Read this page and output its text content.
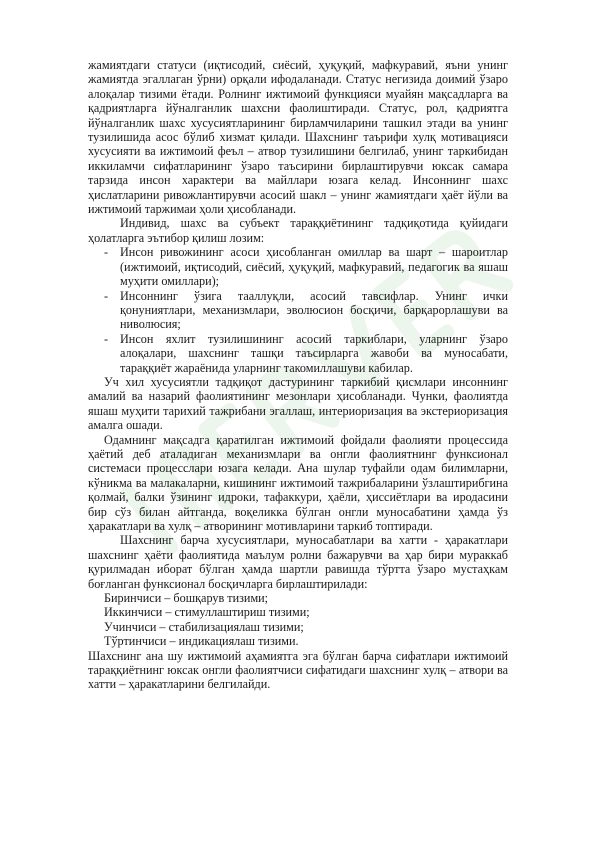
жамиятдаги статуси (иқтисодий, сиёсий, ҳуқуқий, мафкуравий, яъни унинг жамиятда эгаллаган ўрни) орқали ифодаланади. Статус негизида доимий ўзаро алоқалар тизими ётади. Ролнинг ижтимоий функцияси муайян мақсадларга ва қадриятларга йўналганлик шахсни фаолиштиради. Статус, рол, қадриятга йўналганлик шахс хусусиятларининг бирламчиларини ташкил этади ва унинг тузилишида асос бўлиб хизмат қилади. Шахснинг таърифи хулқ мотивацияси хусусияти ва ижтимоий феъл – атвор тузилишини белгилаб, унинг таркибидан иккиламчи сифатларининг ўзаро таъсирини бирлаштирувчи юксак самара тарзида инсон характери ва майллари юзага келад. Инсоннинг шахс ҳислатларини ривожлантирувчи асосий шакл – унинг жамиятдаги ҳаёт йўли ва ижтимоий таржимаи ҳоли ҳисобланади.

Индивид, шахс ва субъект тараққиётининг тадқиқотида қуйидаги ҳолатларга эътибор қилиш лозим:

- Инсон ривожининг асоси ҳисобланган омиллар ва шарт – шароитлар (ижтимоий, иқтисодий, сиёсий, ҳуқуқий, мафкуравий, педагогик ва яшаш муҳити омиллари);
- Инсоннинг ўзига тааллуқли, асосий тавсифлар. Унинг ички қонуниятлари, механизмлари, эволюсион босқичи, барқарорлашуви ва ниволюсия;
- Инсон яхлит тузилишининг асосий таркиблари, уларнинг ўзаро алоқалари, шахснинг ташқи таъсирларга жавоби ва муносабати, тараққиёт жараёнида уларнинг такомиллашуви кабилар.

Уч хил хусусиятли тадқиқот дастурининг таркибий қисмлари инсоннинг амалий ва назарий фаолиятининг мезонлари ҳисобланади. Чунки, фаолиятда яшаш муҳити тарихий тажрибани эгаллаш, интериоризация ва экстериоризация амалга ошади.

Одамнинг мақсадга қаратилган ижтимоий фойдали фаолияти процессида ҳаётий деб аталадиган механизмлари ва онгли фаолиятнинг функсионал системаси процесслари юзага келади. Ана шулар туфайли одам билимларни, кўникма ва малакаларни, кишининг ижтимоий тажрибаларини ўзлаштирибгина қолмай, балки ўзининг идроки, тафаккури, ҳаёли, ҳиссиётлари ва иродасини бир сўз билан айтганда, воқеликка бўлган онгли муносабатини ҳамда ўз ҳаракатлари ва хулқ – атворининг мотивларини таркиб топтиради.

Шахснинг барча хусусиятлари, муносабатлари ва хатти - ҳаракатлари шахснинг ҳаёти фаолиятида маълум ролни бажарувчи ва ҳар бири мураккаб қурилмадан иборат бўлган ҳамда шартли равишда тўртта ўзаро мустаҳкам боғланган функсионал босқичларга бирлаштирилади:

Биринчиси – бошқарув тизими;

Иккинчиси – стимуллаштириш тизими;

Учинчиси – стабилизациялаш тизими;

Тўртинчиси – индикациялаш тизими.

Шахснинг ана шу ижтимоий аҳамиятга эга бўлган барча сифатлари ижтимоий тараққиётнинг юксак онгли фаолиятчиси сифатидаги шахснинг хулқ – атвори ва хатти – ҳаракатларини белгилайди.
